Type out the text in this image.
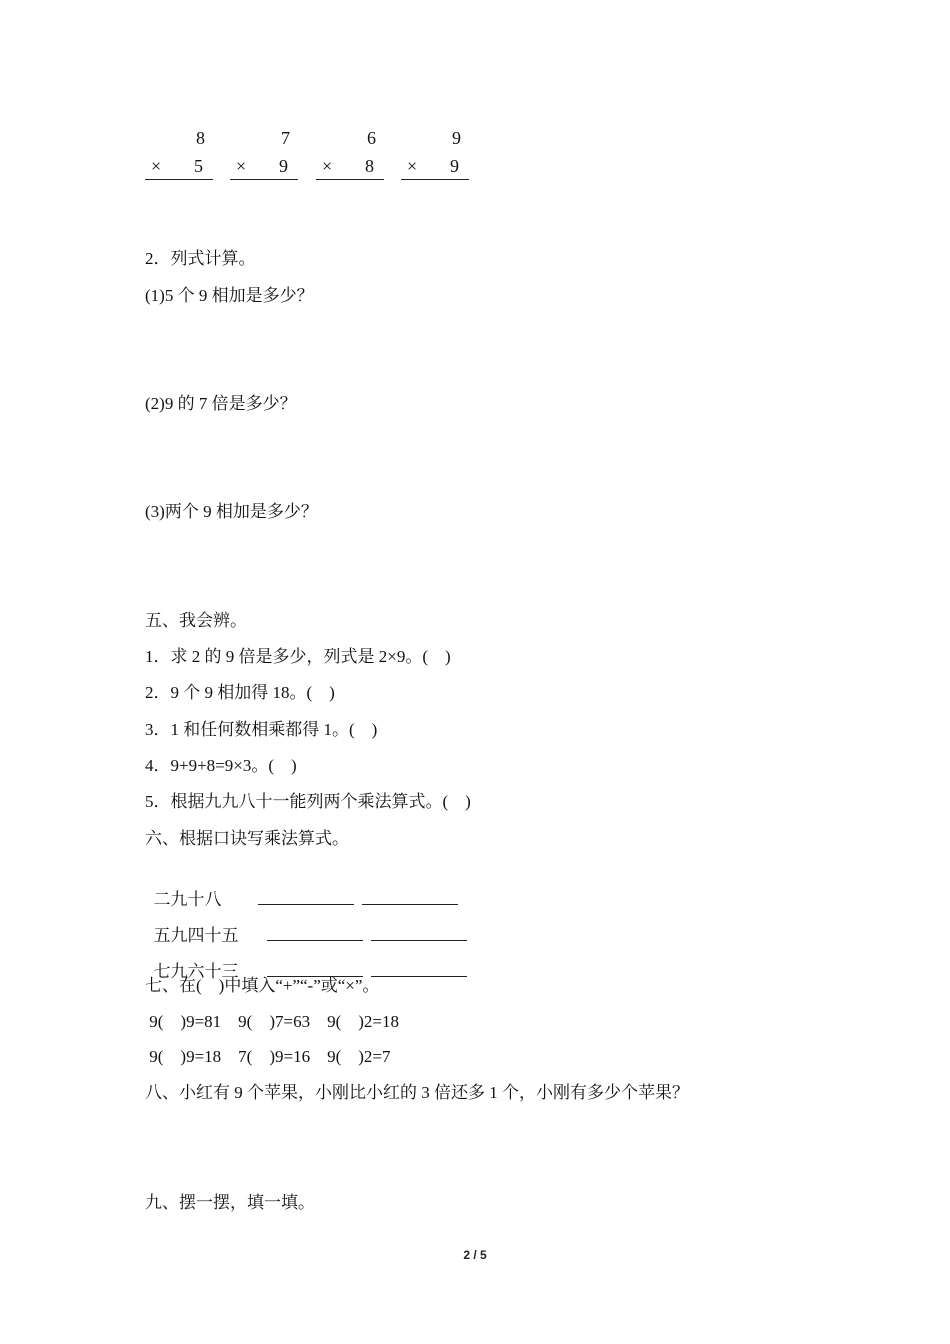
8
× 5
7
× 9
6
× 8
9
× 9
2．列式计算。
(1)5 个 9 相加是多少？
(2)9 的 7 倍是多少？
(3)两个 9 相加是多少？
五、我会辨。
1．求 2 的 9 倍是多少，列式是 2×9。(　)
2．9 个 9 相加得 18。(　)
3．1 和任何数相乘都得 1。(　)
4．9+9+8=9×3。(　)
5．根据九九八十一能列两个乘法算式。(　)
六、根据口诀写乘法算式。

二九十八

五九四十五

七九六十三

七、在(　)中填入“+”“-”或“×”。
9(　)9=81　9(　)7=63　9(　)2=18
9(　)9=18　7(　)9=16　9(　)2=7
八、小红有 9 个苹果，小刚比小红的 3 倍还多 1 个，小刚有多少个苹果？
九、摆一摆，填一填。
2 / 5
